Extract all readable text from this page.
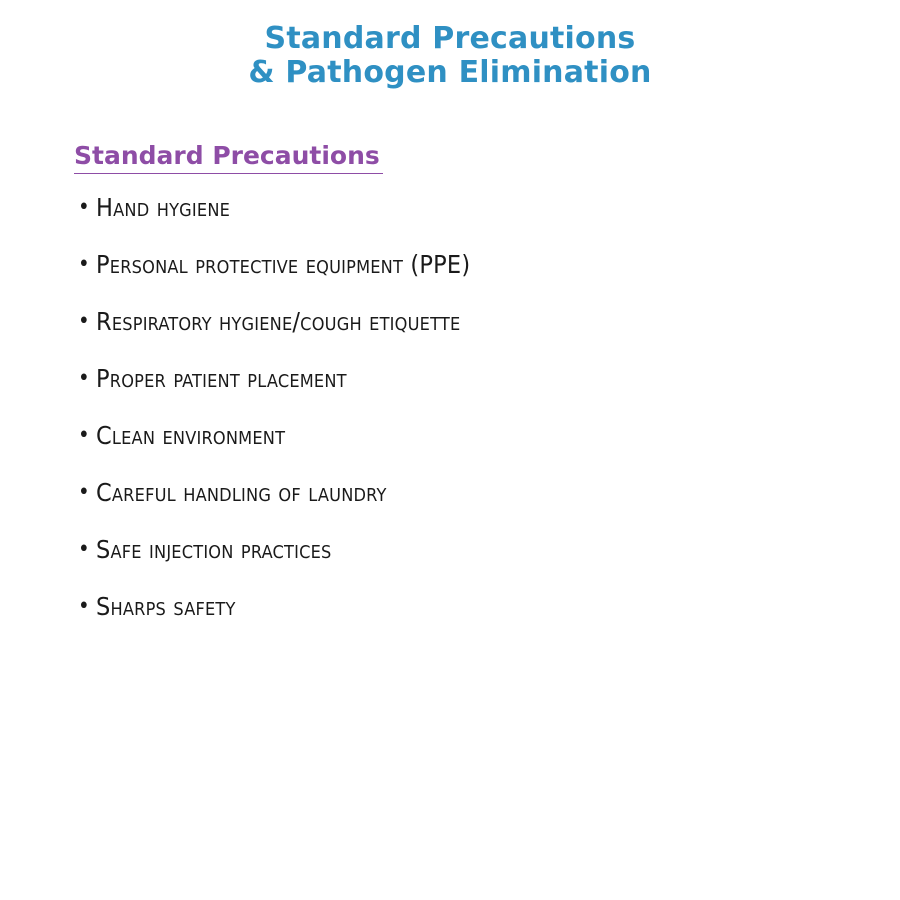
Standard Precautions
& Pathogen Elimination
Standard Precautions
• Hand hygiene
• Personal protective equipment (PPE)
• Respiratory hygiene/cough etiquette
• Proper patient placement
• Clean environment
• Careful handling of laundry
• Safe injection practices
• Sharps safety
